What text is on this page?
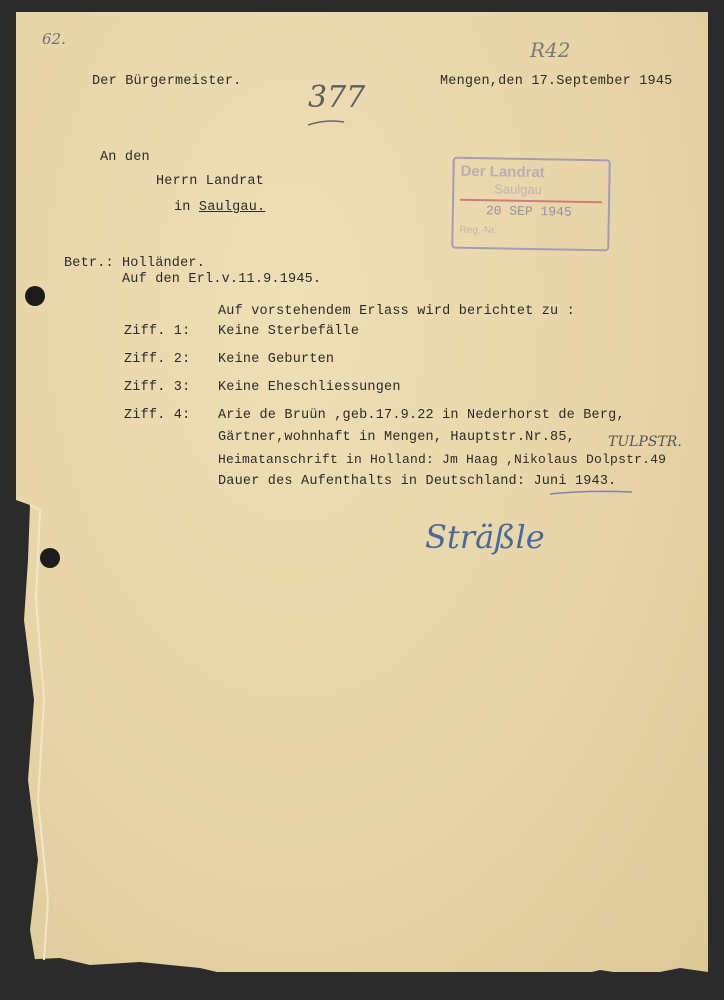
62.	R42
377
Der Bürgermeister.	Mengen,den 17.September 1945
An den
Herrn Landrat
in Saulgau.
Der Landrat
Saulgau
20 SEP 1945
Reg.-Nr.
Betr.: Holländer.
Auf den Erl.v.11.9.1945.
Auf vorstehendem Erlass wird berichtet zu :
Ziff. 1: Keine Sterbefälle
Ziff. 2: Keine Geburten
Ziff. 3: Keine Eheschliessungen
Ziff. 4: Arie de Bruün ,geb.17.9.22 in Nederhorst de Berg,
Gärtner,wohnhaft in Mengen, Hauptstr.Nr.85, TULPSTR.
Heimatanschrift in Holland: Jm Haag ,Nikolaus Dolpstr.49
Dauer des Aufenthalts in Deutschland: Juni 1943.
Sträßle
